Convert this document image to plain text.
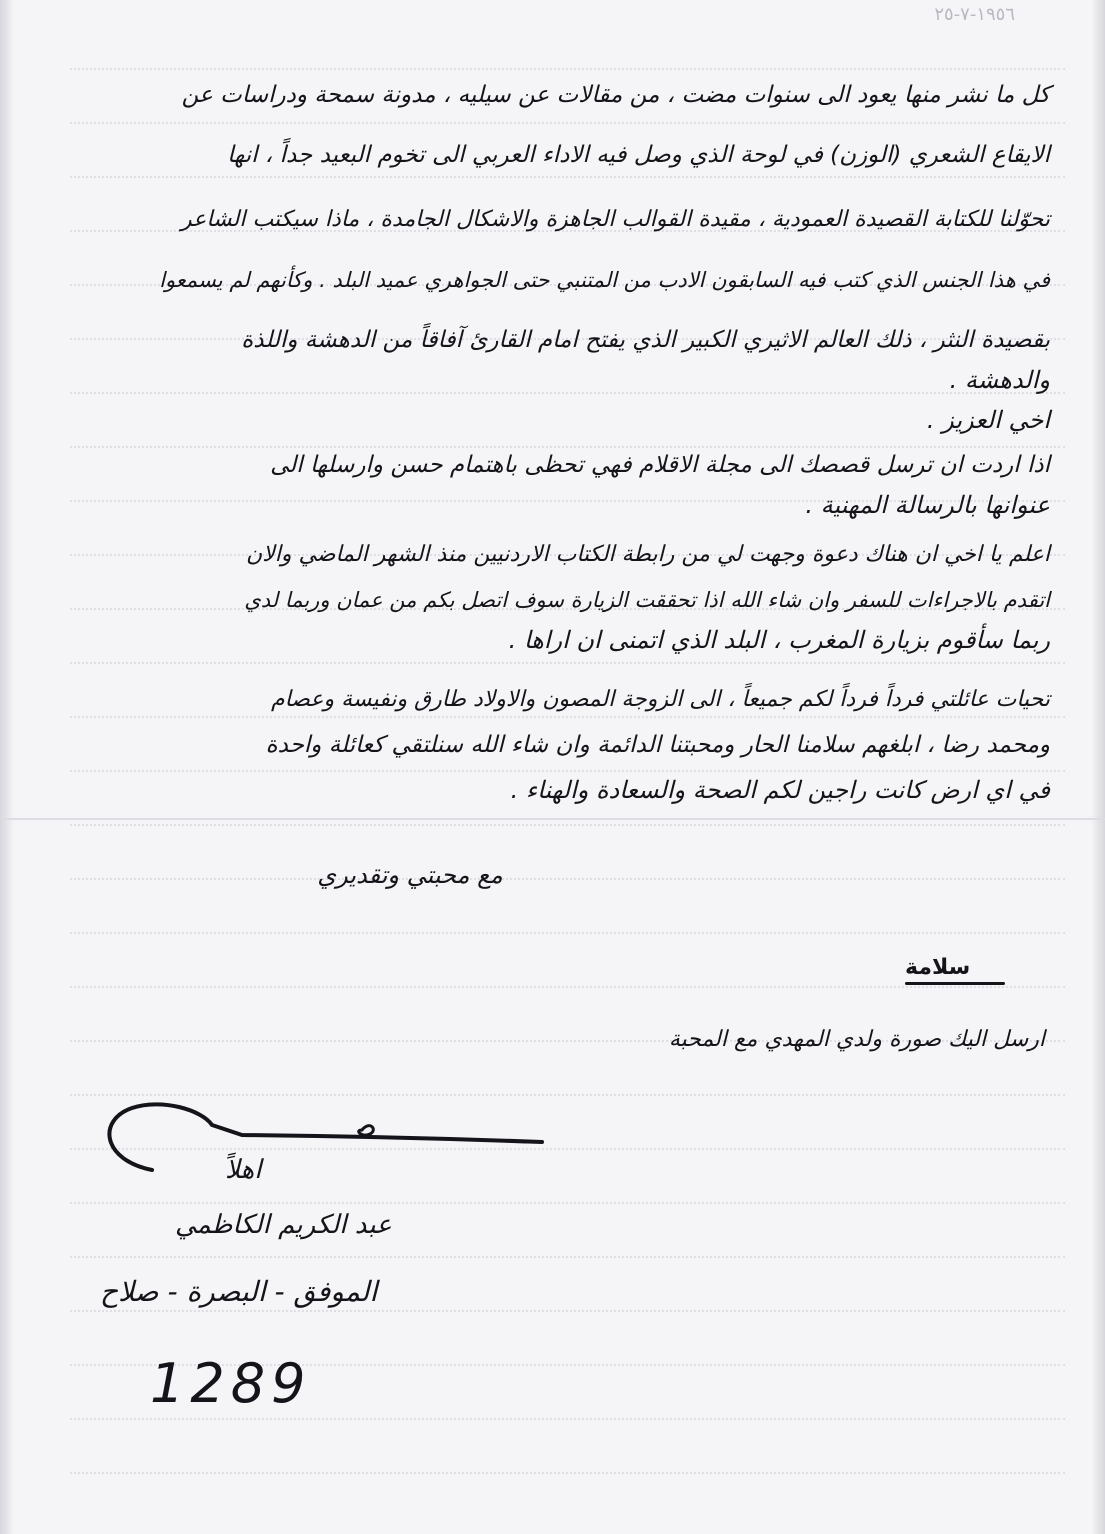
١٩٥٦-٧-٢٥
كل ما نشر منها يعود الى سنوات مضت ، من مقالات عن سيليه ، مدونة سمحة ودراسات عن
الايقاع الشعري (الوزن) في لوحة الذي وصل فيه الاداء العربي الى تخوم البعيد جداً ، انها
تحوّلنا للكتابة القصيدة العمودية ، مقيدة القوالب الجاهزة والاشكال الجامدة ، ماذا سيكتب الشاعر
في هذا الجنس الذي كتب فيه السابقون الادب من المتنبي حتى الجواهري عميد البلد . وكأنهم لم يسمعوا
بقصيدة النثر ، ذلك العالم الاثيري الكبير الذي يفتح امام القارئ آفاقاً من الدهشة واللذة
والدهشة .
اخي العزيز .
اذا اردت ان ترسل قصصك الى مجلة الاقلام فهي تحظى باهتمام حسن وارسلها الى
عنوانها بالرسالة المهنية .
اعلم يا اخي ان هناك دعوة وجهت لي من رابطة الكتاب الاردنيين منذ الشهر الماضي والان
اتقدم بالاجراءات للسفر وان شاء الله اذا تحققت الزيارة سوف اتصل بكم من عمان وربما لدي
ربما سأقوم بزيارة المغرب ، البلد الذي اتمنى ان اراها .
تحيات عائلتي فرداً فرداً لكم جميعاً ، الى الزوجة المصون والاولاد طارق ونفيسة وعصام
ومحمد رضا ، ابلغهم سلامنا الحار ومحبتنا الدائمة وان شاء الله سنلتقي كعائلة واحدة
في اي ارض كانت راجين لكم الصحة والسعادة والهناء .
مع محبتي وتقديري
سلامة
ارسل اليك صورة ولدي المهدي مع المحبة
اهلاً
عبد الكريم الكاظمي
الموفق - البصرة - صلاح
1289
